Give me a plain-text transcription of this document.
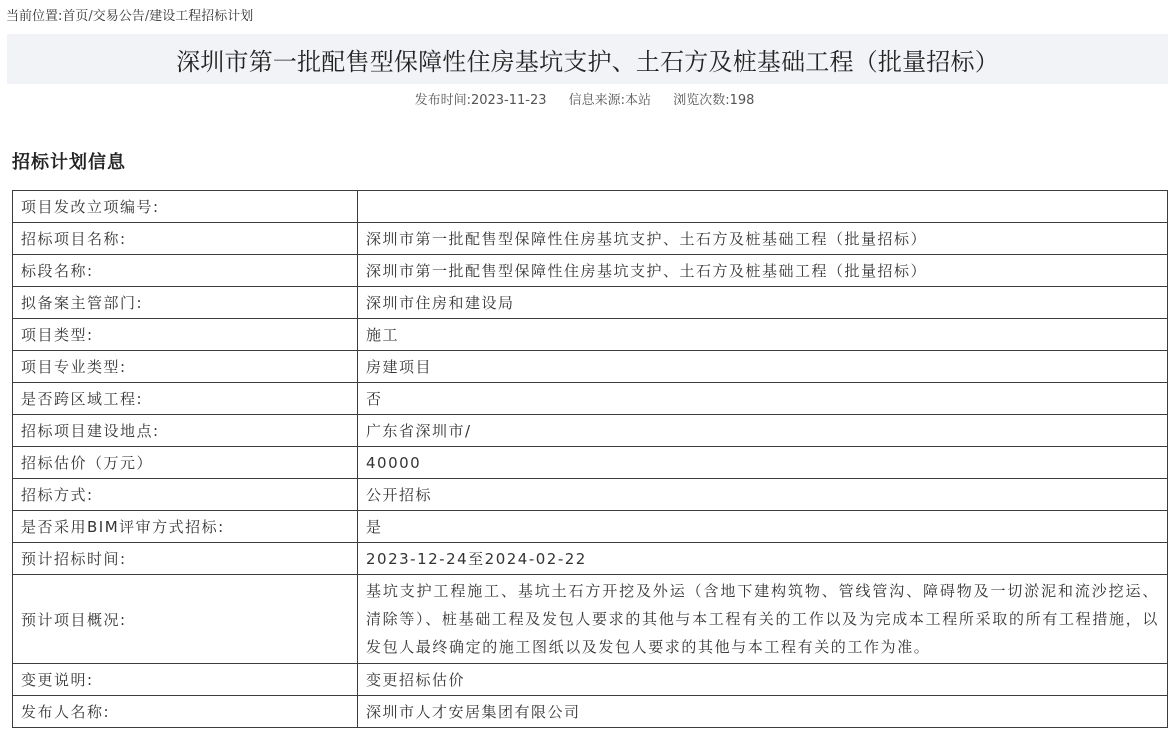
当前位置:首页/交易公告/建设工程招标计划
深圳市第一批配售型保障性住房基坑支护、土石方及桩基础工程（批量招标）
发布时间:2023-11-23 信息来源:本站 浏览次数:198
招标计划信息
项目发改立项编号:	
招标项目名称:	深圳市第一批配售型保障性住房基坑支护、土石方及桩基础工程（批量招标）
标段名称:	深圳市第一批配售型保障性住房基坑支护、土石方及桩基础工程（批量招标）
拟备案主管部门:	深圳市住房和建设局
项目类型:	施工
项目专业类型:	房建项目
是否跨区域工程:	否
招标项目建设地点:	广东省深圳市/
招标估价（万元）	40000
招标方式:	公开招标
是否采用BIM评审方式招标:	是
预计招标时间:	2023-12-24至2024-02-22
预计项目概况:	基坑支护工程施工、基坑土石方开挖及外运（含地下建构筑物、管线管沟、障碍物及一切淤泥和流沙挖运、清除等）、桩基础工程及发包人要求的其他与本工程有关的工作以及为完成本工程所采取的所有工程措施，以发包人最终确定的施工图纸以及发包人要求的其他与本工程有关的工作为准。
变更说明:	变更招标估价
发布人名称:	深圳市人才安居集团有限公司
